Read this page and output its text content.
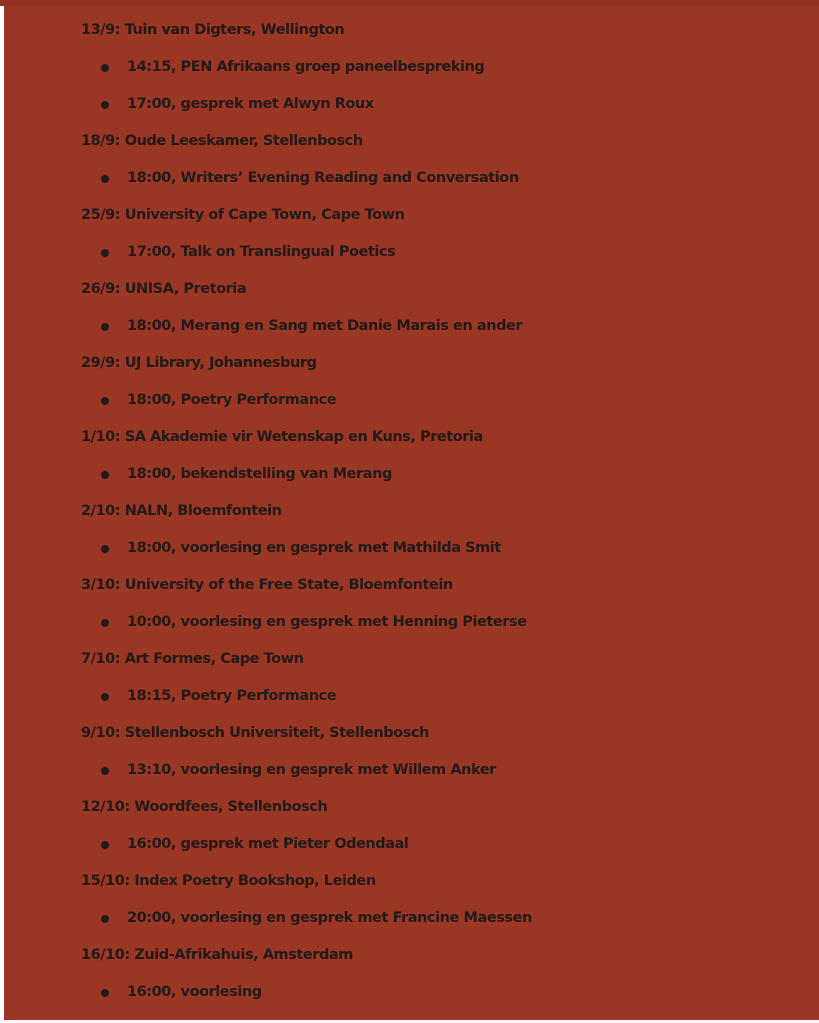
13/9: Tuin van Digters, Wellington
14:15, PEN Afrikaans groep paneelbespreking
17:00, gesprek met Alwyn Roux
18/9: Oude Leeskamer, Stellenbosch
18:00, Writers’ Evening Reading and Conversation
25/9: University of Cape Town, Cape Town
17:00, Talk on Translingual Poetics
26/9: UNISA, Pretoria
18:00, Merang en Sang met Danie Marais en ander
29/9: UJ Library, Johannesburg
18:00, Poetry Performance
1/10: SA Akademie vir Wetenskap en Kuns, Pretoria
18:00, bekendstelling van Merang
2/10: NALN, Bloemfontein
18:00, voorlesing en gesprek met Mathilda Smit
3/10: University of the Free State, Bloemfontein
10:00, voorlesing en gesprek met Henning Pieterse
7/10: Art Formes, Cape Town
18:15, Poetry Performance
9/10: Stellenbosch Universiteit, Stellenbosch
13:10, voorlesing en gesprek met Willem Anker
12/10: Woordfees, Stellenbosch
16:00, gesprek met Pieter Odendaal
15/10: Index Poetry Bookshop, Leiden
20:00, voorlesing en gesprek met Francine Maessen
16/10: Zuid-Afrikahuis, Amsterdam
16:00, voorlesing
